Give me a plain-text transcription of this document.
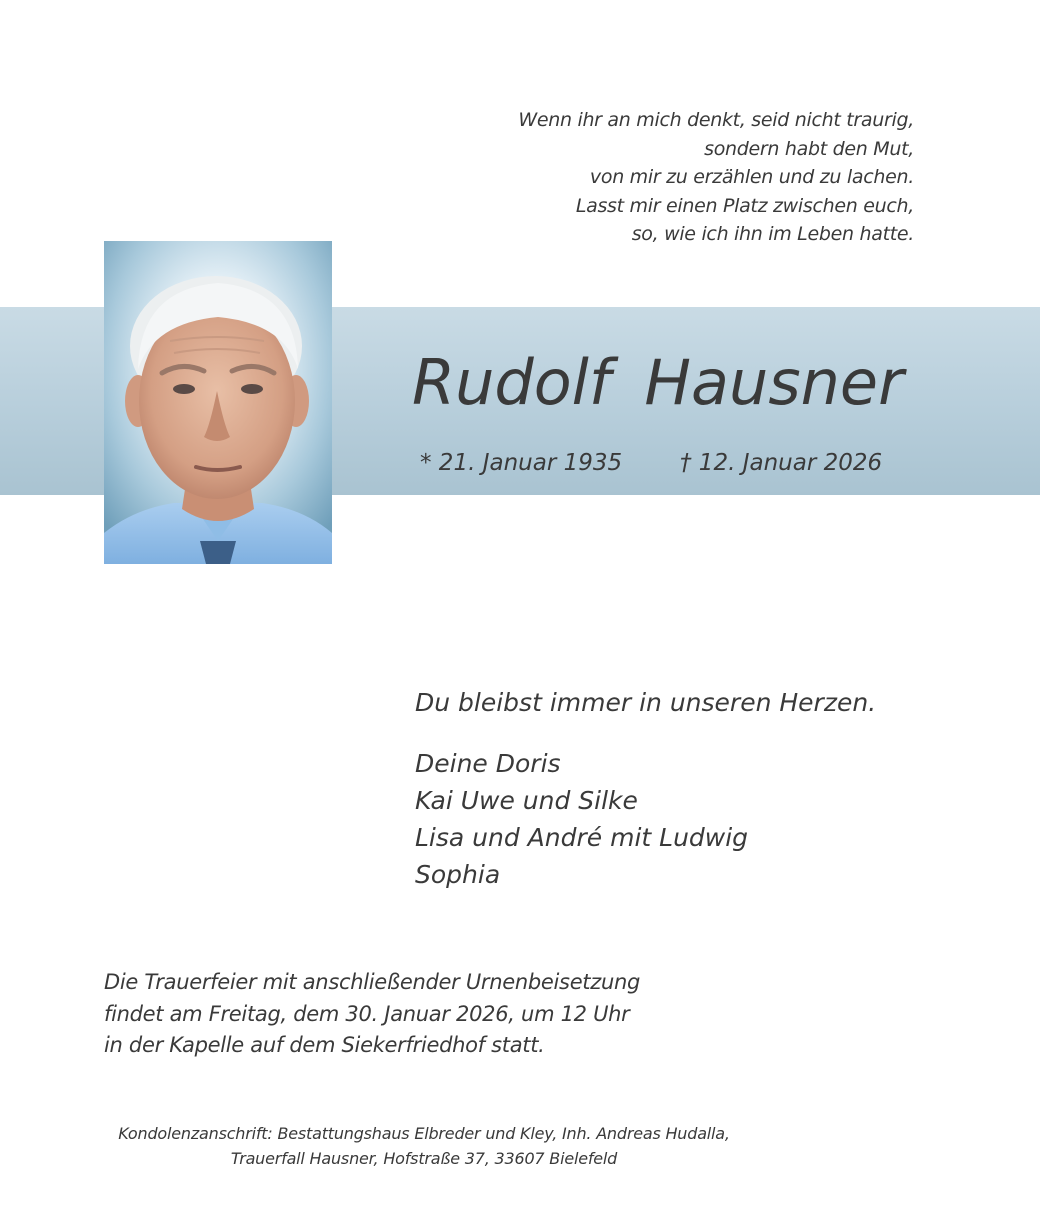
Wenn ihr an mich denkt, seid nicht traurig,
sondern habt den Mut,
von mir zu erzählen und zu lachen.
Lasst mir einen Platz zwischen euch,
so, wie ich ihn im Leben hatte.
Rudolf Hausner
* 21. Januar 1935	† 12. Januar 2026
Du bleibst immer in unseren Herzen.
Deine Doris
Kai Uwe und Silke
Lisa und André mit Ludwig
Sophia
Die Trauerfeier mit anschließender Urnenbeisetzung
findet am Freitag, dem 30. Januar 2026, um 12 Uhr
in der Kapelle auf dem Siekerfriedhof statt.
Kondolenzanschrift: Bestattungshaus Elbreder und Kley, Inh. Andreas Hudalla,
Trauerfall Hausner, Hofstraße 37, 33607 Bielefeld
